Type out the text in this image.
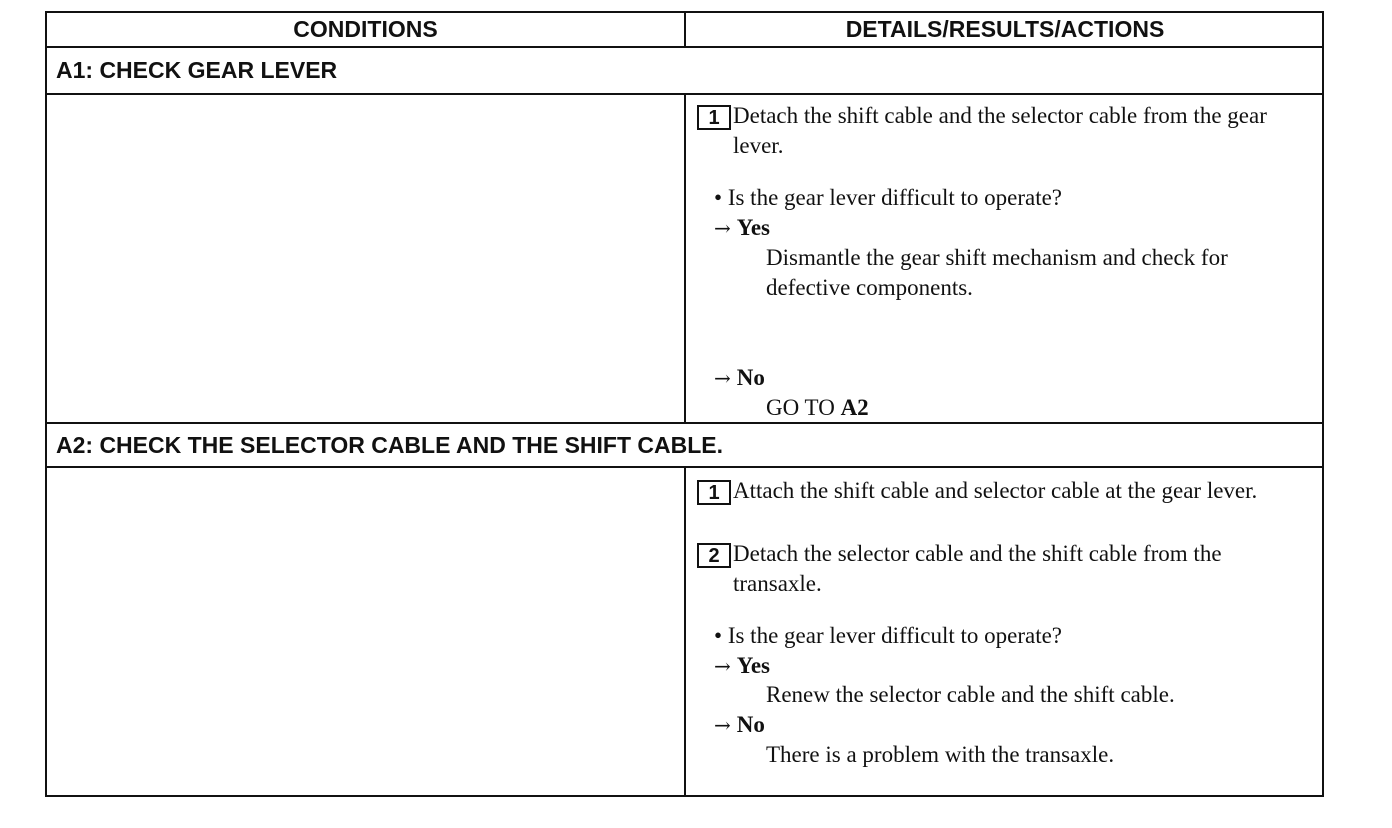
CONDITIONS	DETAILS/RESULTS/ACTIONS
A1: CHECK GEAR LEVER
1 Detach the shift cable and the selector cable from the gear lever.
• Is the gear lever difficult to operate?
→ Yes
Dismantle the gear shift mechanism and check for defective components.
→ No
GO TO A2
A2: CHECK THE SELECTOR CABLE AND THE SHIFT CABLE.
1 Attach the shift cable and selector cable at the gear lever.
2 Detach the selector cable and the shift cable from the transaxle.
• Is the gear lever difficult to operate?
→ Yes
Renew the selector cable and the shift cable.
→ No
There is a problem with the transaxle.
